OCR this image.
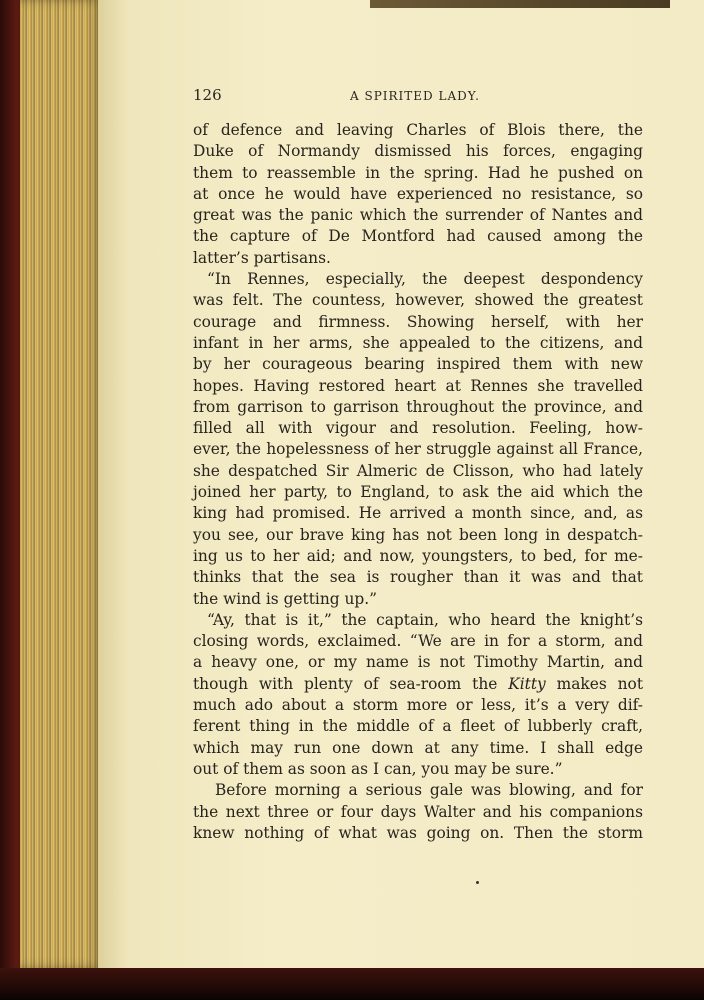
126	A SPIRITED LADY.
of defence and leaving Charles of Blois there, the
Duke of Normandy dismissed his forces, engaging
them to reassemble in the spring. Had he pushed on
at once he would have experienced no resistance, so
great was the panic which the surrender of Nantes and
the capture of De Montford had caused among the
latter’s partisans.
“In Rennes, especially, the deepest despondency
was felt. The countess, however, showed the greatest
courage and firmness. Showing herself, with her
infant in her arms, she appealed to the citizens, and
by her courageous bearing inspired them with new
hopes. Having restored heart at Rennes she travelled
from garrison to garrison throughout the province, and
filled all with vigour and resolution. Feeling, how-
ever, the hopelessness of her struggle against all France,
she despatched Sir Almeric de Clisson, who had lately
joined her party, to England, to ask the aid which the
king had promised. He arrived a month since, and, as
you see, our brave king has not been long in despatch-
ing us to her aid; and now, youngsters, to bed, for me-
thinks that the sea is rougher than it was and that
the wind is getting up.”
“Ay, that is it,” the captain, who heard the knight’s
closing words, exclaimed. “We are in for a storm, and
a heavy one, or my name is not Timothy Martin, and
though with plenty of sea-room the Kitty makes not
much ado about a storm more or less, it’s a very dif-
ferent thing in the middle of a fleet of lubberly craft,
which may run one down at any time. I shall edge
out of them as soon as I can, you may be sure.”
Before morning a serious gale was blowing, and for
the next three or four days Walter and his companions
knew nothing of what was going on. Then the storm
